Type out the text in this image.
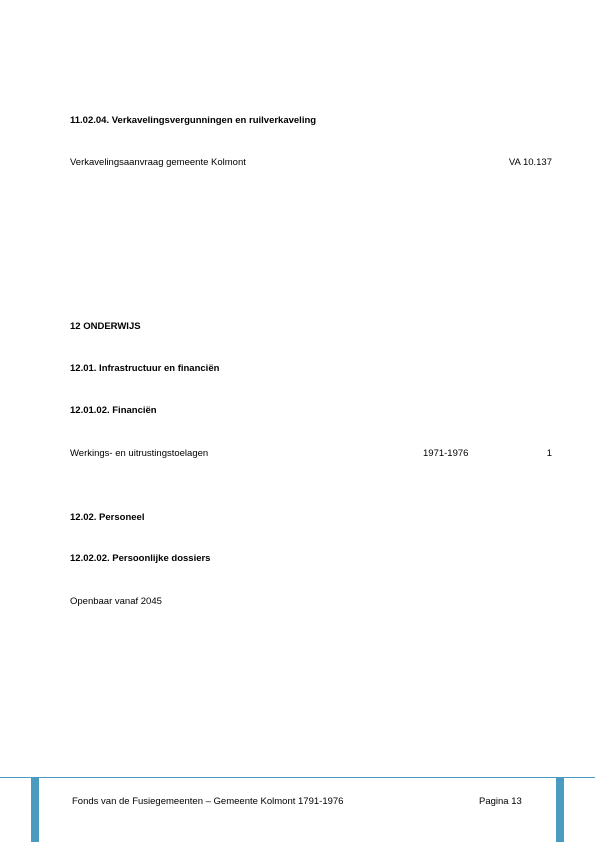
11.02.04. Verkavelingsvergunningen en ruilverkaveling
Verkavelingsaanvraag gemeente Kolmont	VA 10.137
12 ONDERWIJS
12.01. Infrastructuur en financiën
12.01.02. Financiën
Werkings- en uitrustingstoelagen	1971-1976	1
12.02. Personeel
12.02.02. Persoonlijke dossiers
Openbaar vanaf 2045
Fonds van de Fusiegemeenten – Gemeente Kolmont 1791-1976	Pagina 13
